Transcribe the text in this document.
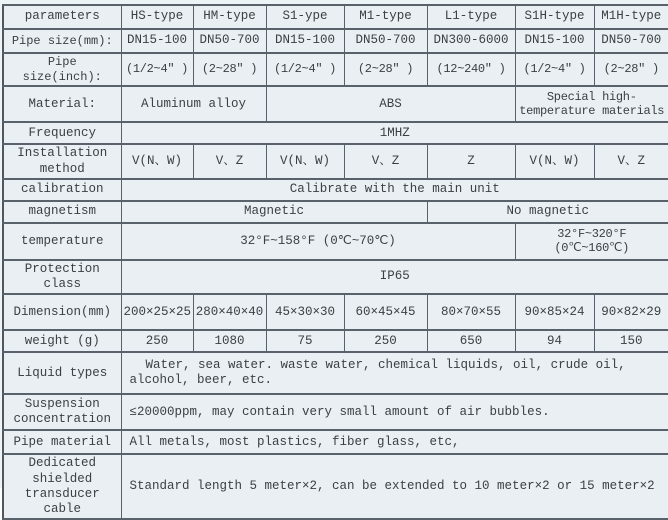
parameters	HS-type	HM-type	S1-ype	M1-type	L1-type	S1H-type	M1H-type
Pipe size(mm):	DN15-100	DN50-700	DN15-100	DN50-700	DN300-6000	DN15-100	DN50-700
Pipe size(inch):	(1/2~4″ )	(2~28″ )	(1/2~4″ )	(2~28″ )	(12~240″ )	(1/2~4″ )	(2~28″ )
Material:	Aluminum alloy		ABS			Special high-temperature materials	
Frequency	1MHZ						
Installation method	V(N、W)	V、Z	V(N、W)	V、Z	Z	V(N、W)	V、Z
calibration	Calibrate with the main unit						
magnetism	Magnetic				No magnetic		
temperature	32°F~158°F (0℃~70℃)					32°F~320°F (0℃~160℃)	
Protection class	IP65						
Dimension(mm)	200×25×25	280×40×40	45×30×30	60×45×45	80×70×55	90×85×24	90×82×29
weight (g)	250	1080	75	250	650	94	150
Liquid types	Water, sea water. waste water, chemical liquids, oil, crude oil, alcohol, beer, etc.						
Suspension concentration	≤20000ppm, may contain very small amount of air bubbles.						
Pipe material	All metals, most plastics, fiber glass, etc,						
Dedicated shielded transducer cable	Standard length 5 meter×2, can be extended to 10 meter×2 or 15 meter×2						
